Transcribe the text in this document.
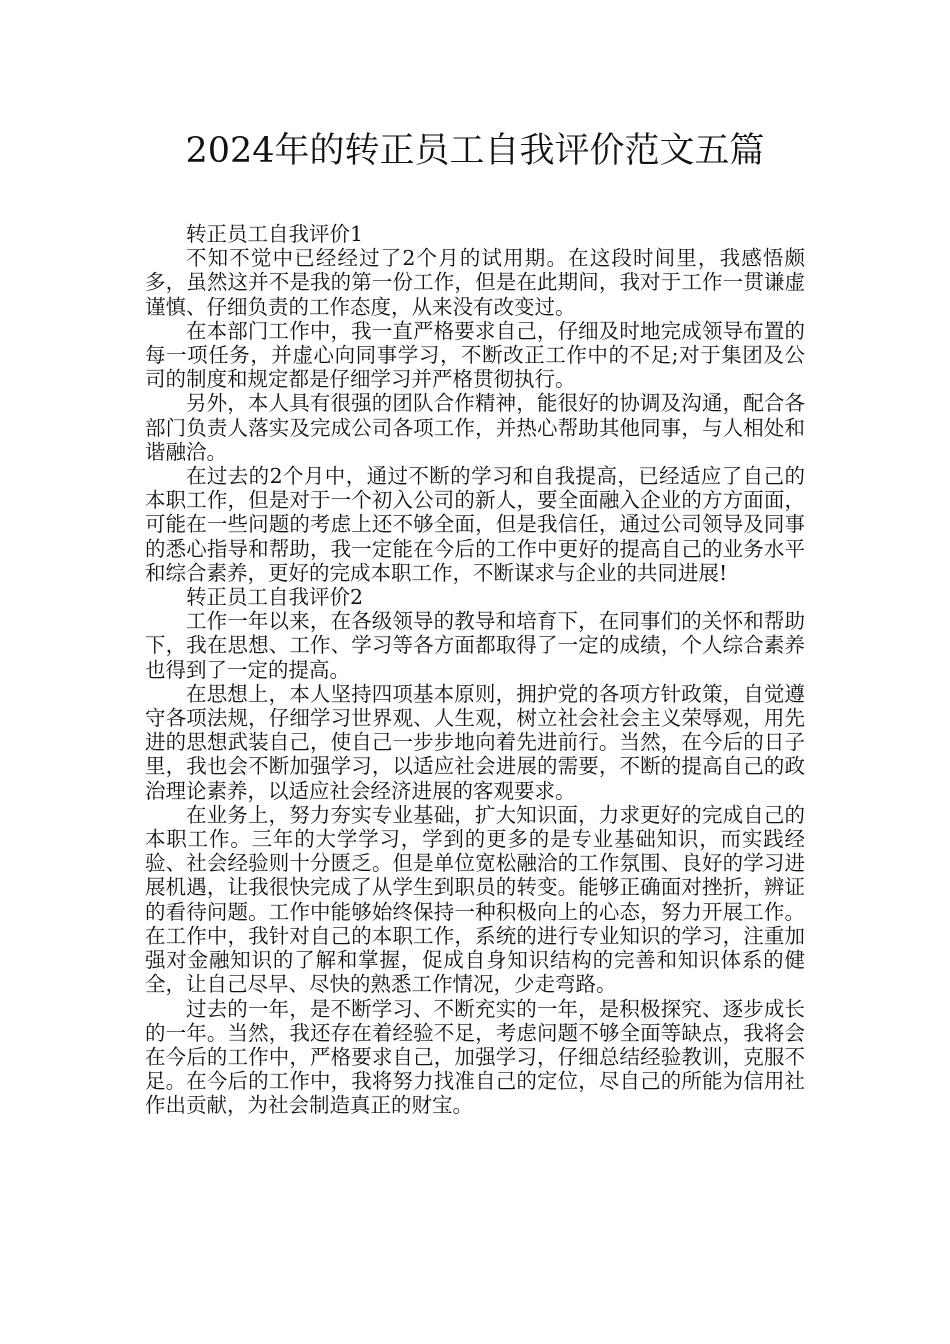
2024年的转正员工自我评价范文五篇

转正员工自我评价1

不知不觉中已经经过了2个月的试用期。在这段时间里，我感悟颇多，虽然这并不是我的第一份工作，但是在此期间，我对于工作一贯谦虚谨慎、仔细负责的工作态度，从来没有改变过。

在本部门工作中，我一直严格要求自己，仔细及时地完成领导布置的每一项任务，并虚心向同事学习，不断改正工作中的不足;对于集团及公司的制度和规定都是仔细学习并严格贯彻执行。

另外，本人具有很强的团队合作精神，能很好的协调及沟通，配合各部门负责人落实及完成公司各项工作，并热心帮助其他同事，与人相处和谐融洽。

在过去的2个月中，通过不断的学习和自我提高，已经适应了自己的本职工作，但是对于一个初入公司的新人，要全面融入企业的方方面面，可能在一些问题的考虑上还不够全面，但是我信任，通过公司领导及同事的悉心指导和帮助，我一定能在今后的工作中更好的提高自己的业务水平和综合素养，更好的完成本职工作，不断谋求与企业的共同进展!

转正员工自我评价2

工作一年以来，在各级领导的教导和培育下，在同事们的关怀和帮助下，我在思想、工作、学习等各方面都取得了一定的成绩，个人综合素养也得到了一定的提高。

在思想上，本人坚持四项基本原则，拥护党的各项方针政策，自觉遵守各项法规，仔细学习世界观、人生观，树立社会社会主义荣辱观，用先进的思想武装自己，使自己一步步地向着先进前行。当然，在今后的日子里，我也会不断加强学习，以适应社会进展的需要，不断的提高自己的政治理论素养，以适应社会经济进展的客观要求。

在业务上，努力夯实专业基础，扩大知识面，力求更好的完成自己的本职工作。三年的大学学习，学到的更多的是专业基础知识，而实践经验、社会经验则十分匮乏。但是单位宽松融洽的工作氛围、良好的学习进展机遇，让我很快完成了从学生到职员的转变。能够正确面对挫折，辨证的看待问题。工作中能够始终保持一种积极向上的心态，努力开展工作。在工作中，我针对自己的本职工作，系统的进行专业知识的学习，注重加强对金融知识的了解和掌握，促成自身知识结构的完善和知识体系的健全，让自己尽早、尽快的熟悉工作情况，少走弯路。

过去的一年，是不断学习、不断充实的一年，是积极探究、逐步成长的一年。当然，我还存在着经验不足，考虑问题不够全面等缺点，我将会在今后的工作中，严格要求自己，加强学习，仔细总结经验教训，克服不足。在今后的工作中，我将努力找准自己的定位，尽自己的所能为信用社作出贡献，为社会制造真正的财宝。
